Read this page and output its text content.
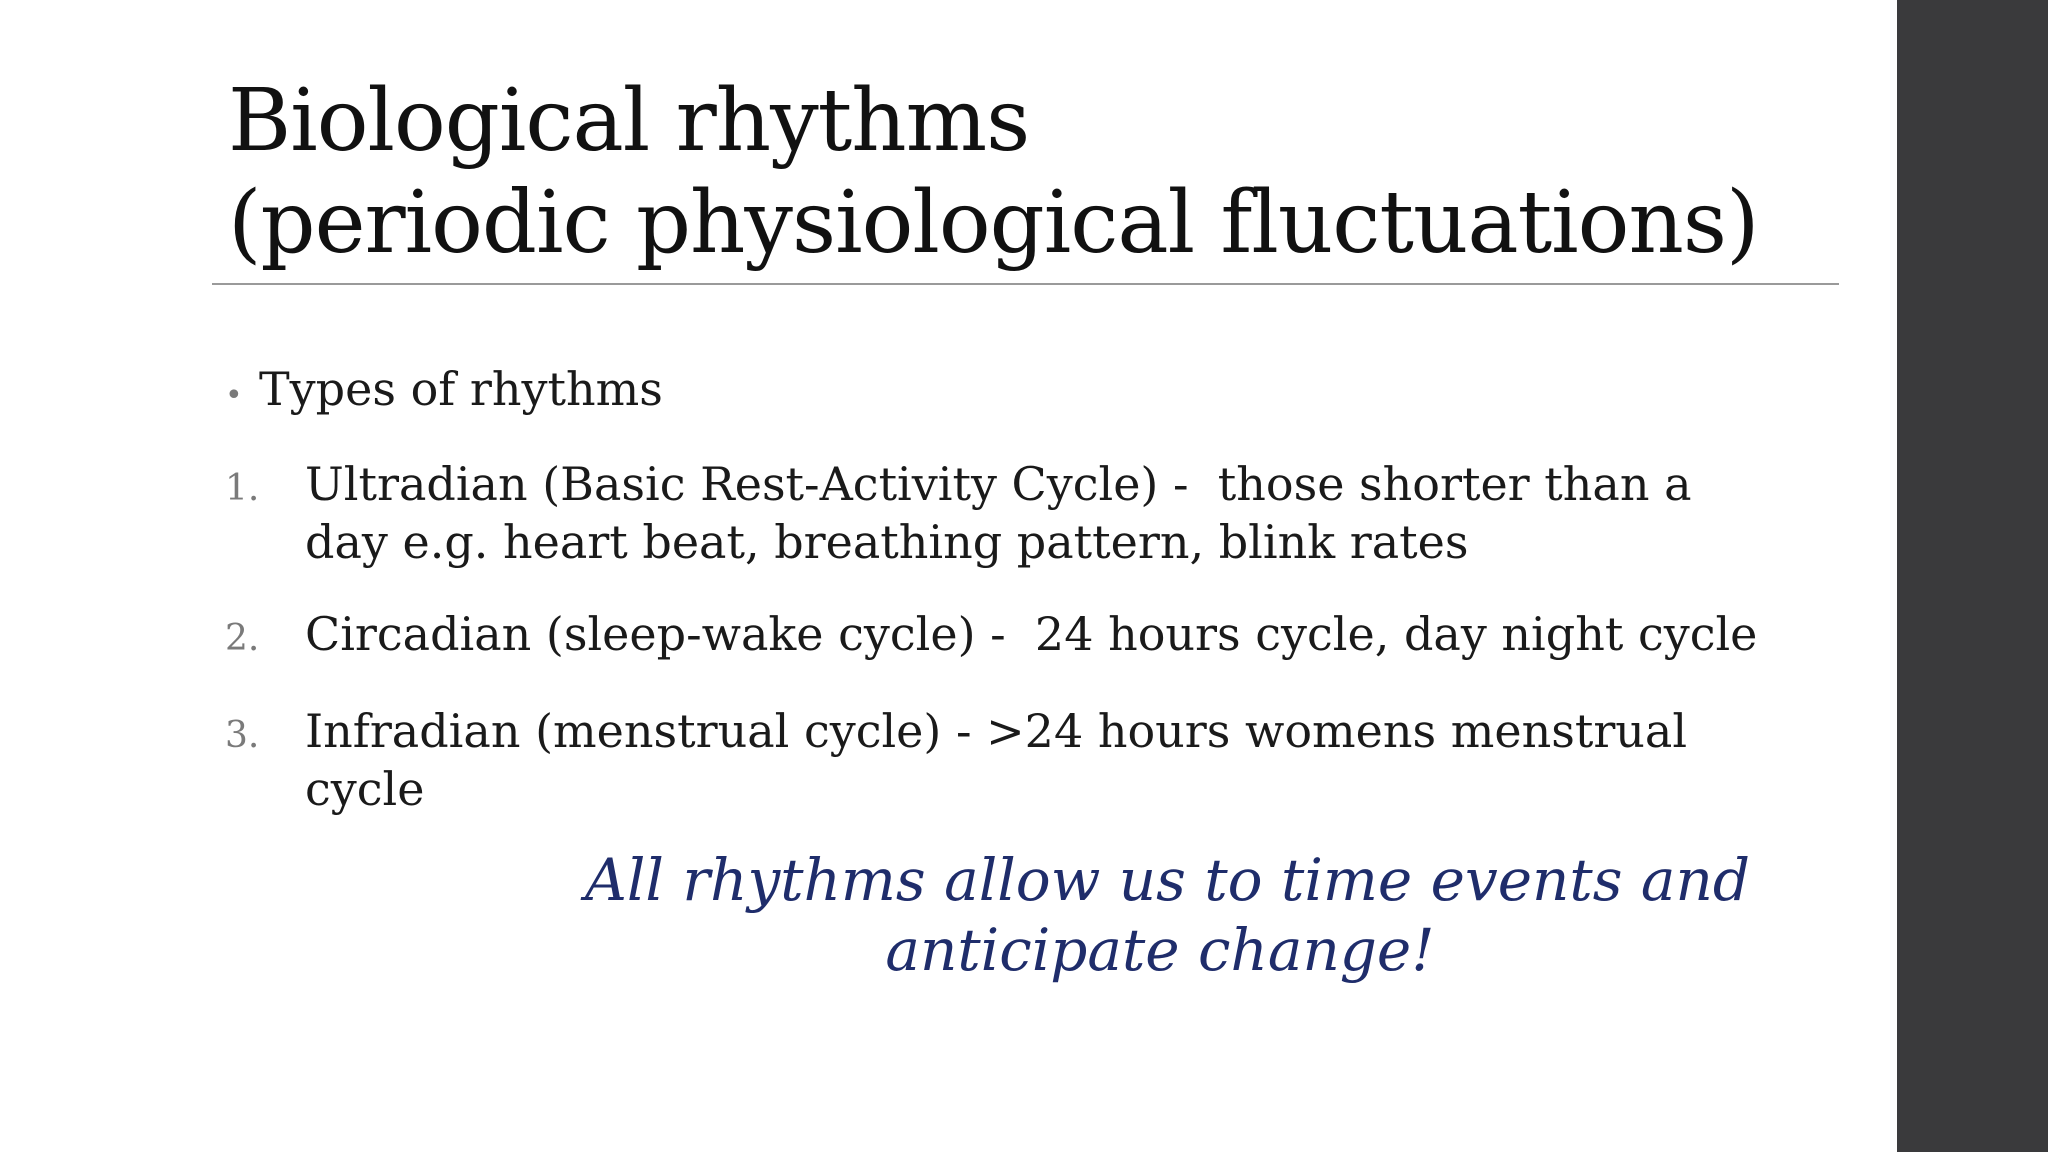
Biological rhythms
(periodic physiological fluctuations)
• Types of rhythms
1. Ultradian (Basic Rest-Activity Cycle) -  those shorter than a day e.g. heart beat, breathing pattern, blink rates
2. Circadian (sleep-wake cycle) -  24 hours cycle, day night cycle
3. Infradian (menstrual cycle) - >24 hours womens menstrual cycle
All rhythms allow us to time events and
anticipate change!
